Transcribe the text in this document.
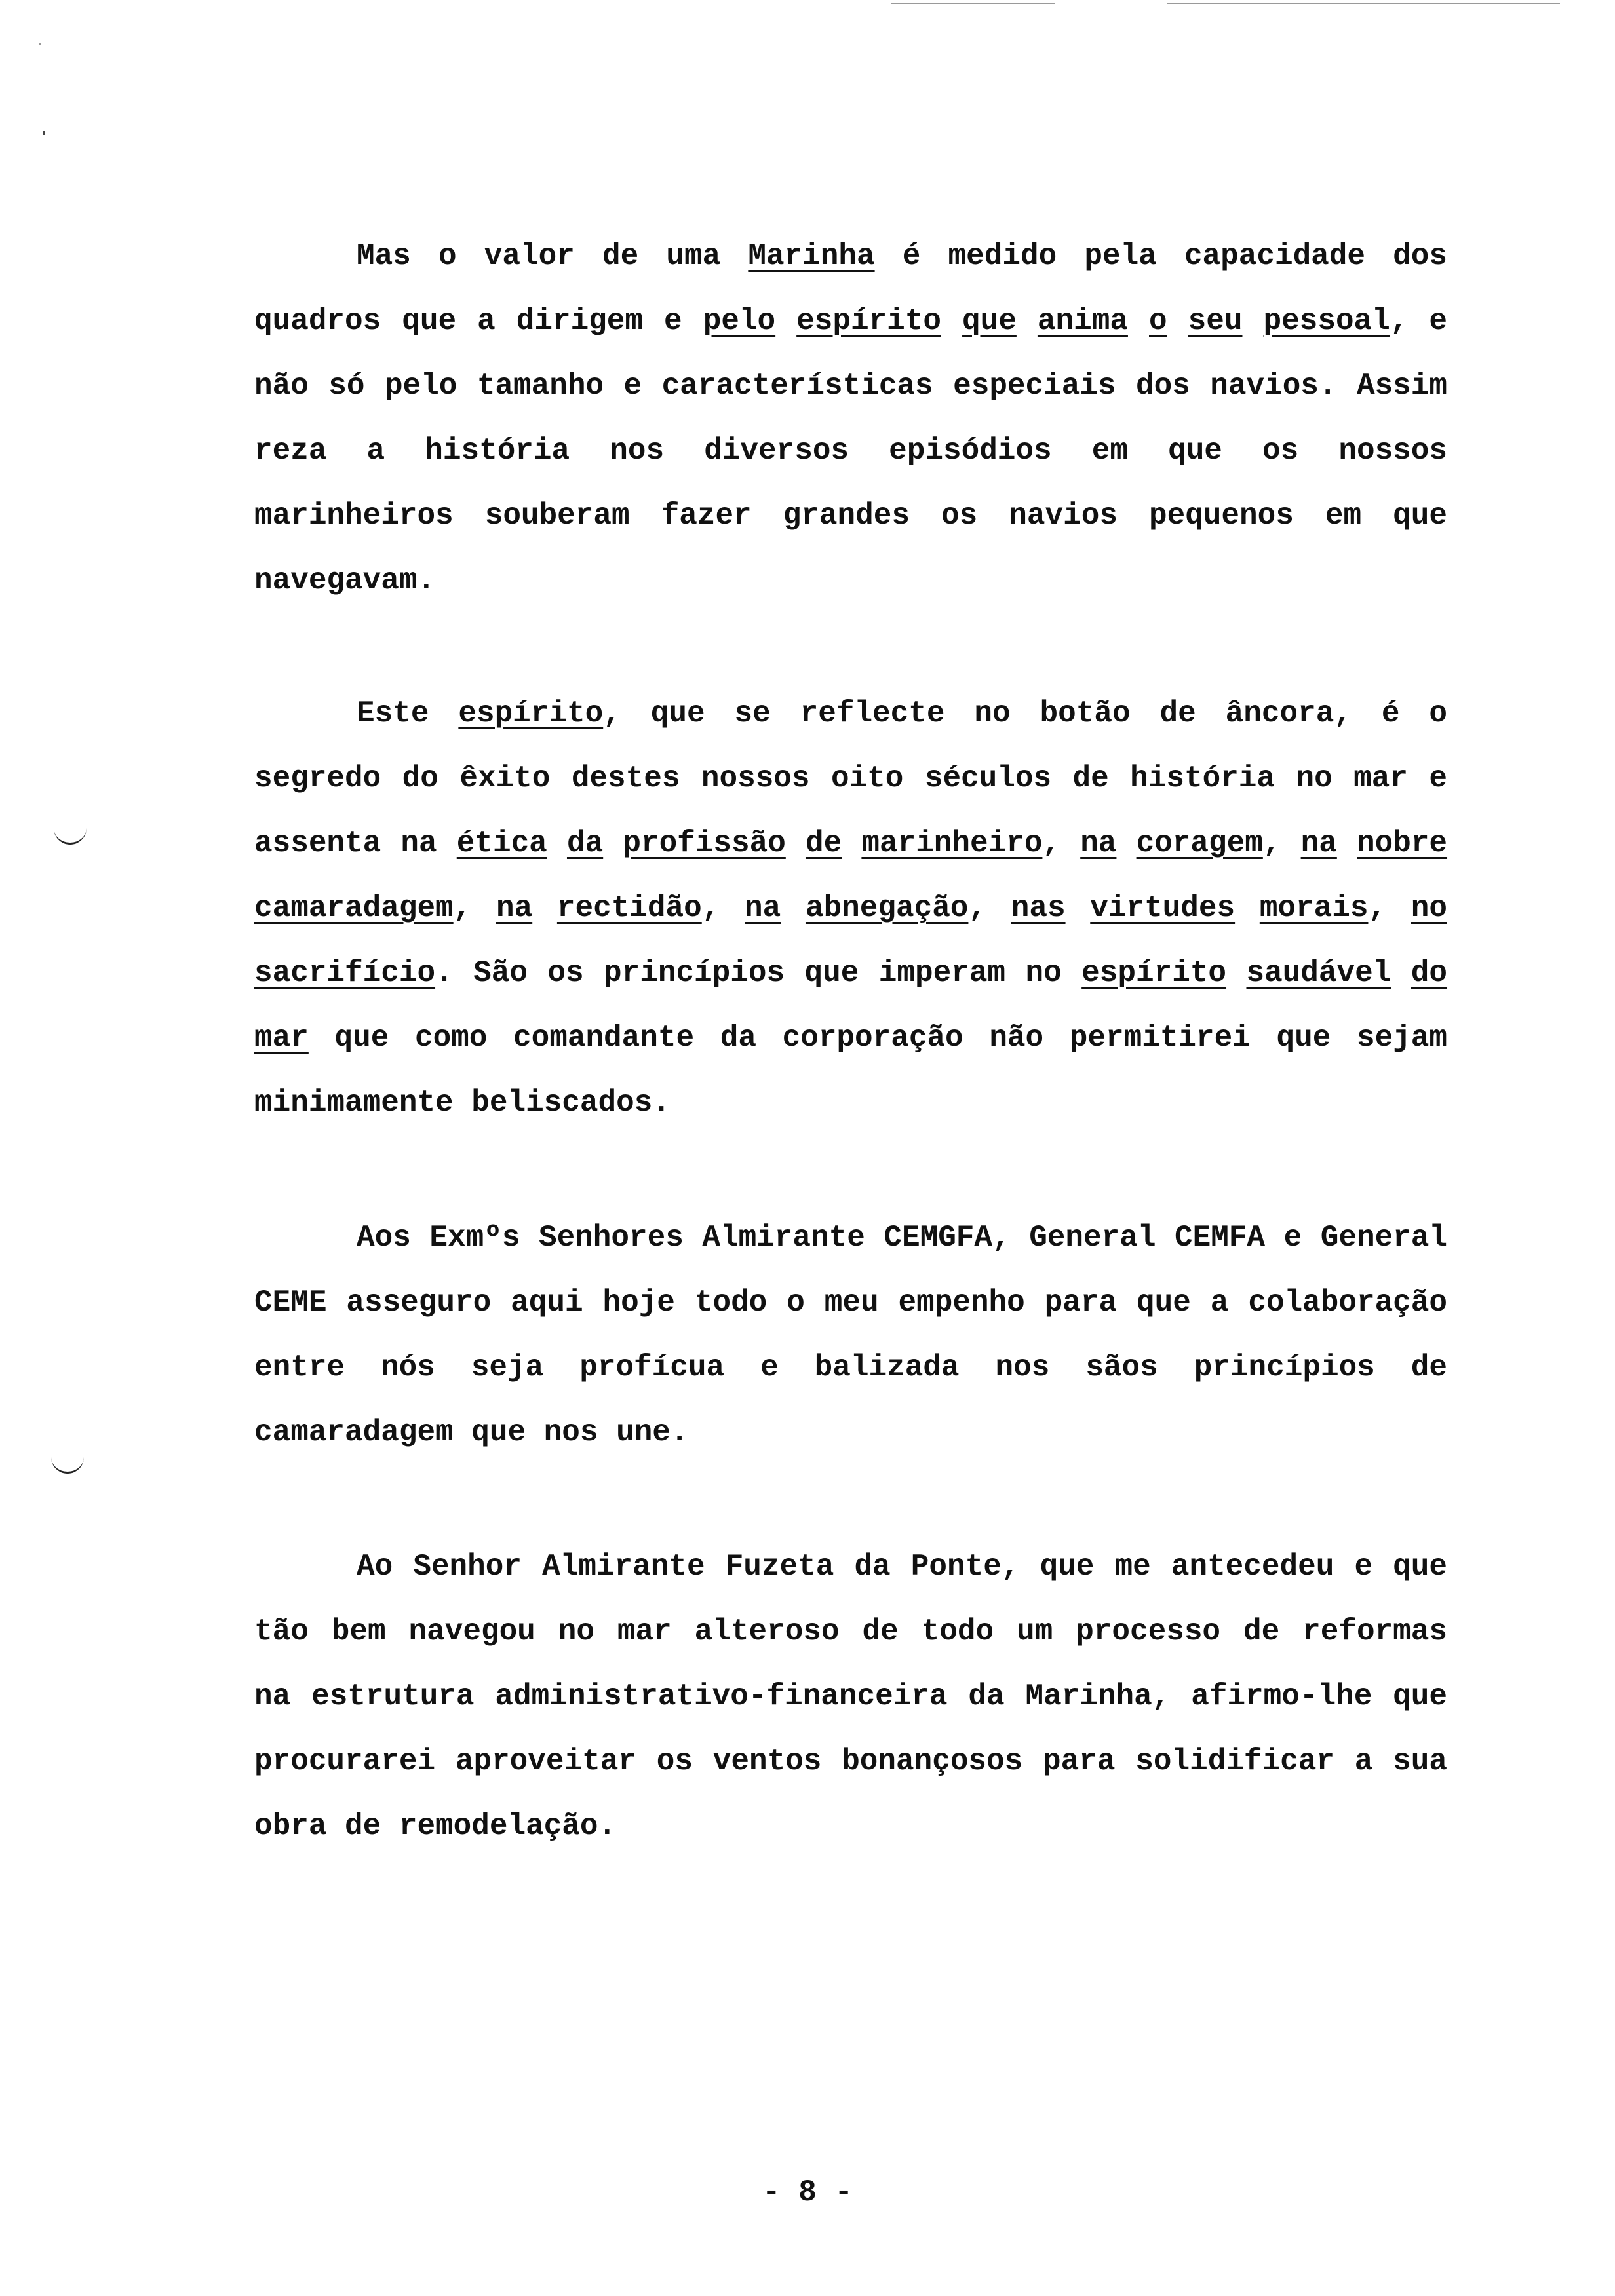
Mas o valor de uma Marinha é medido pela capacidade dos quadros que a dirigem e pelo espírito que anima o seu pessoal, e não só pelo tamanho e características especiais dos navios. Assim reza a história nos diversos episódios em que os nossos marinheiros souberam fazer grandes os navios pequenos em que navegavam.

Este espírito, que se reflecte no botão de âncora, é o segredo do êxito destes nossos oito séculos de história no mar e assenta na ética da profissão de marinheiro, na coragem, na nobre camaradagem, na rectidão, na abnegação, nas virtudes morais, no sacrifício. São os princípios que imperam no espírito saudável do mar que como comandante da corporação não permitirei que sejam minimamente beliscados.

Aos Exmºs Senhores Almirante CEMGFA, General CEMFA e General CEME asseguro aqui hoje todo o meu empenho para que a colaboração entre nós seja profícua e balizada nos sãos princípios de camaradagem que nos une.

Ao Senhor Almirante Fuzeta da Ponte, que me antecedeu e que tão bem navegou no mar alteroso de todo um processo de reformas na estrutura administrativo-financeira da Marinha, afirmo-lhe que procurarei aproveitar os ventos bonançosos para solidificar a sua obra de remodelação.

- 8 -
